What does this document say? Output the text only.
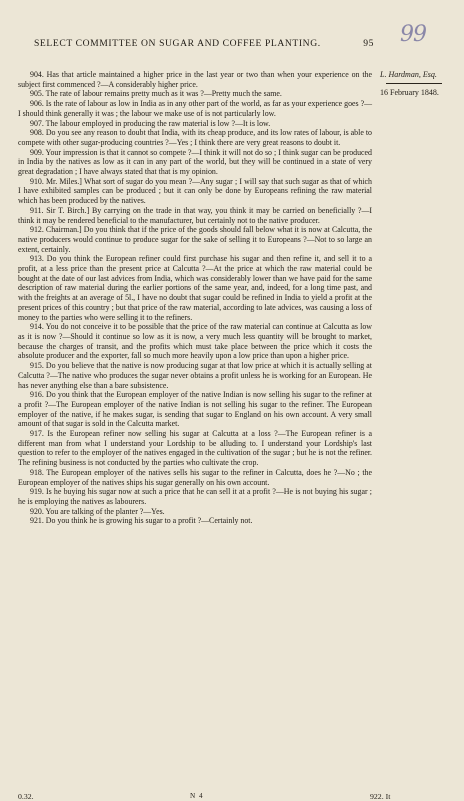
SELECT COMMITTEE ON SUGAR AND COFFEE PLANTING.	95 99
L. Hardman, Esq.
16 February 1848.

904. Has that article maintained a higher price in the last year or two than when your experience on the subject first commenced ?—A considerably higher price.

905. The rate of labour remains pretty much as it was ?—Pretty much the same.

906. Is the rate of labour as low in India as in any other part of the world, as far as your experience goes ?—I should think generally it was ; the labour we make use of is not particularly low.

907. The labour employed in producing the raw material is low ?—It is low.

908. Do you see any reason to doubt that India, with its cheap produce, and its low rates of labour, is able to compete with other sugar-producing countries ?—Yes ; I think there are very great reasons to doubt it.

909. Your impression is that it cannot so compete ?—I think it will not do so ; I think sugar can be produced in India by the natives as low as it can in any part of the world, but they will be continued in a state of very great degradation ; I have always stated that that is my opinion.

910. Mr. Miles.] What sort of sugar do you mean ?—Any sugar ; I will say that such sugar as that of which I have exhibited samples can be produced ; but it can only be done by Europeans refining the raw material which has been produced by the natives.

911. Sir T. Birch.] By carrying on the trade in that way, you think it may be carried on beneficially ?—I think it may be rendered beneficial to the manufacturer, but certainly not to the native producer.

912. Chairman.] Do you think that if the price of the goods should fall below what it is now at Calcutta, the native producers would continue to produce sugar for the sake of selling it to Europeans ?—Not to so large an extent, certainly.

913. Do you think the European refiner could first purchase his sugar and then refine it, and sell it to a profit, at a less price than the present price at Calcutta ?—At the price at which the raw material could be bought at the date of our last advices from India, which was considerably lower than we have paid for the same description of raw material during the earlier portions of the same year, and, indeed, for a long time past, and with the freights at an average of 5l., I have no doubt that sugar could be refined in India to yield a profit at the present prices of this country ; but that price of the raw material, according to late advices, was causing a loss of money to the parties who were selling it to the refiners.

914. You do not conceive it to be possible that the price of the raw material can continue at Calcutta as low as it is now ?—Should it continue so low as it is now, a very much less quantity will be brought to market, because the charges of transit, and the profits which must take place between the price which it costs the absolute producer and the exporter, fall so much more heavily upon a low price than upon a higher price.

915. Do you believe that the native is now producing sugar at that low price at which it is actually selling at Calcutta ?—The native who produces the sugar never obtains a profit unless he is working for an European. He has never anything else than a bare subsistence.

916. Do you think that the European employer of the native Indian is now selling his sugar to the refiner at a profit ?—The European employer of the native Indian is not selling his sugar to the refiner. The European employer of the native, if he makes sugar, is sending that sugar to England on his own account. A very small amount of that sugar is sold in the Calcutta market.

917. Is the European refiner now selling his sugar at Calcutta at a loss ?—The European refiner is a different man from what I understand your Lordship to be alluding to. I understand your Lordship's last question to refer to the employer of the natives engaged in the cultivation of the sugar ; but he is not the refiner. The refining business is not conducted by the parties who cultivate the crop.

918. The European employer of the natives sells his sugar to the refiner in Calcutta, does he ?—No ; the European employer of the natives ships his sugar generally on his own account.

919. Is he buying his sugar now at such a price that he can sell it at a profit ?—He is not buying his sugar ; he is employing the natives as labourers.

920. You are talking of the planter ?—Yes.

921. Do you think he is growing his sugar to a profit ?—Certainly not.

0.32.	N 4	922. It
